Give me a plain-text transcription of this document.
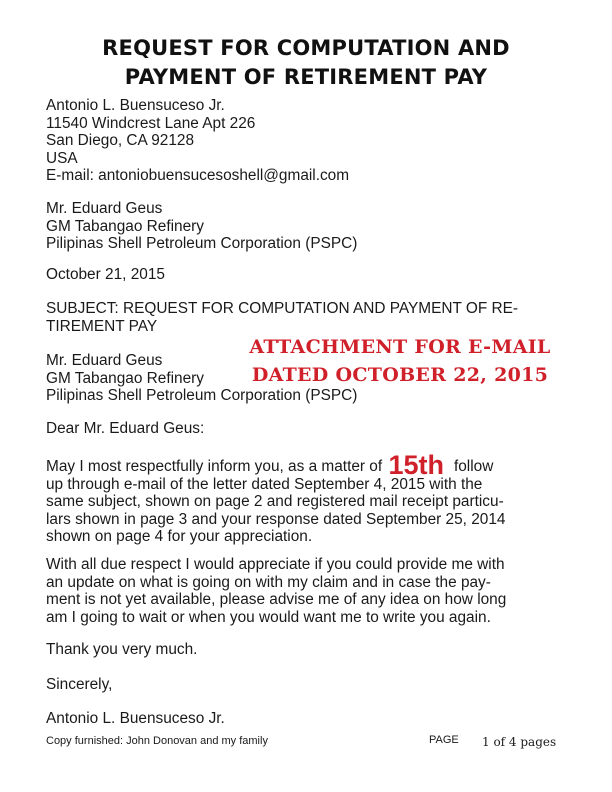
REQUEST FOR COMPUTATION AND
PAYMENT OF RETIREMENT PAY
Antonio L. Buensuceso Jr.
11540 Windcrest Lane Apt 226
San Diego, CA 92128
USA
E-mail: antoniobuensucesoshell@gmail.com
Mr. Eduard Geus
GM Tabangao Refinery
Pilipinas Shell Petroleum Corporation (PSPC)
October 21, 2015
SUBJECT: REQUEST FOR COMPUTATION AND PAYMENT OF RE-
TIREMENT PAY
Mr. Eduard Geus
GM Tabangao Refinery
Pilipinas Shell Petroleum Corporation (PSPC)
ATTACHMENT FOR E-MAIL
DATED OCTOBER 22, 2015
Dear Mr. Eduard Geus:
May I most respectfully inform you, as a matter of 15th follow
up through e-mail of the letter dated September 4, 2015 with the
same subject, shown on page 2 and registered mail receipt particu-
lars shown in page 3 and your response dated September 25, 2014
shown on page 4 for your appreciation.
With all due respect I would appreciate if you could provide me with
an update on what is going on with my claim and in case the pay-
ment is not yet available, please advise me of any idea on how long
am I going to wait or when you would want me to write you again.
Thank you very much.
Sincerely,
Antonio L. Buensuceso Jr.
Copy furnished: John Donovan and my family	PAGE 1 of 4 pages
